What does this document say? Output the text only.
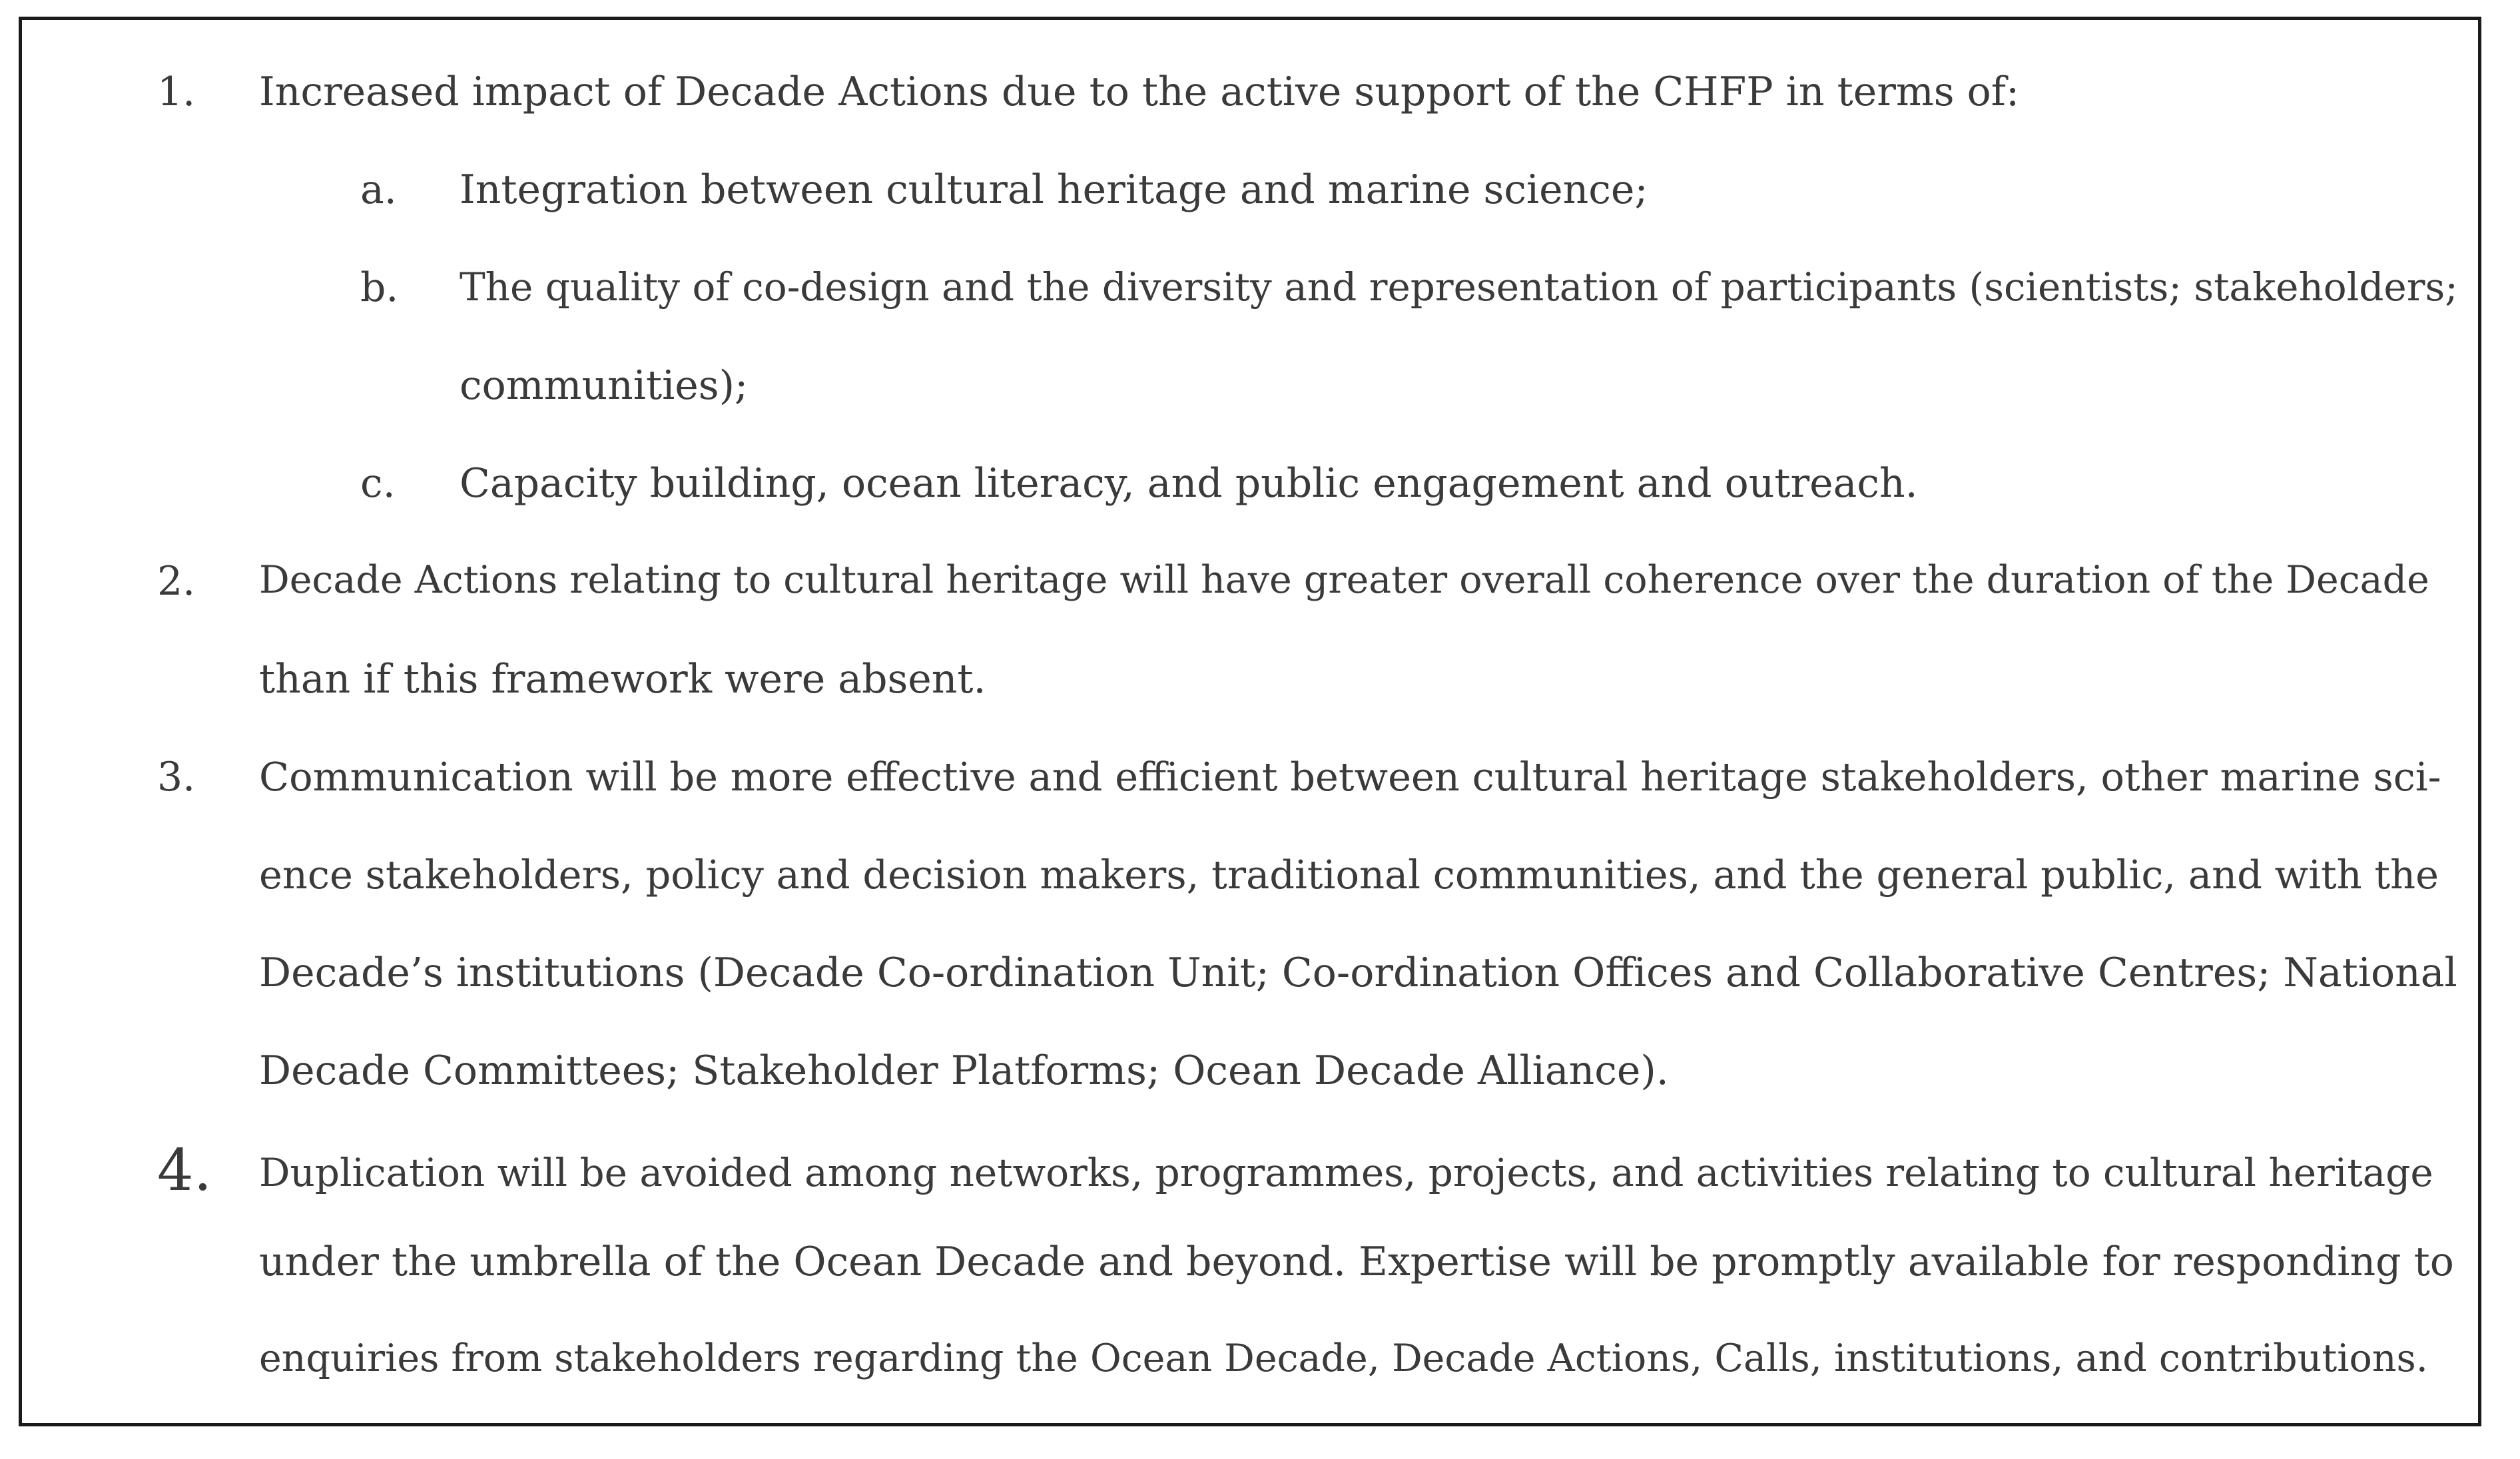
1. Increased impact of Decade Actions due to the active support of the CHFP in terms of:
a. Integration between cultural heritage and marine science;
b. The quality of co-design and the diversity and representation of participants (scientists; stakeholders;
communities);
c. Capacity building, ocean literacy, and public engagement and outreach.
2. Decade Actions relating to cultural heritage will have greater overall coherence over the duration of the Decade
than if this framework were absent.
3. Communication will be more effective and efficient between cultural heritage stakeholders, other marine sci-
ence stakeholders, policy and decision makers, traditional communities, and the general public, and with the
Decade’s institutions (Decade Co-ordination Unit; Co-ordination Offices and Collaborative Centres; National
Decade Committees; Stakeholder Platforms; Ocean Decade Alliance).
4. Duplication will be avoided among networks, programmes, projects, and activities relating to cultural heritage
under the umbrella of the Ocean Decade and beyond. Expertise will be promptly available for responding to
enquiries from stakeholders regarding the Ocean Decade, Decade Actions, Calls, institutions, and contributions.
